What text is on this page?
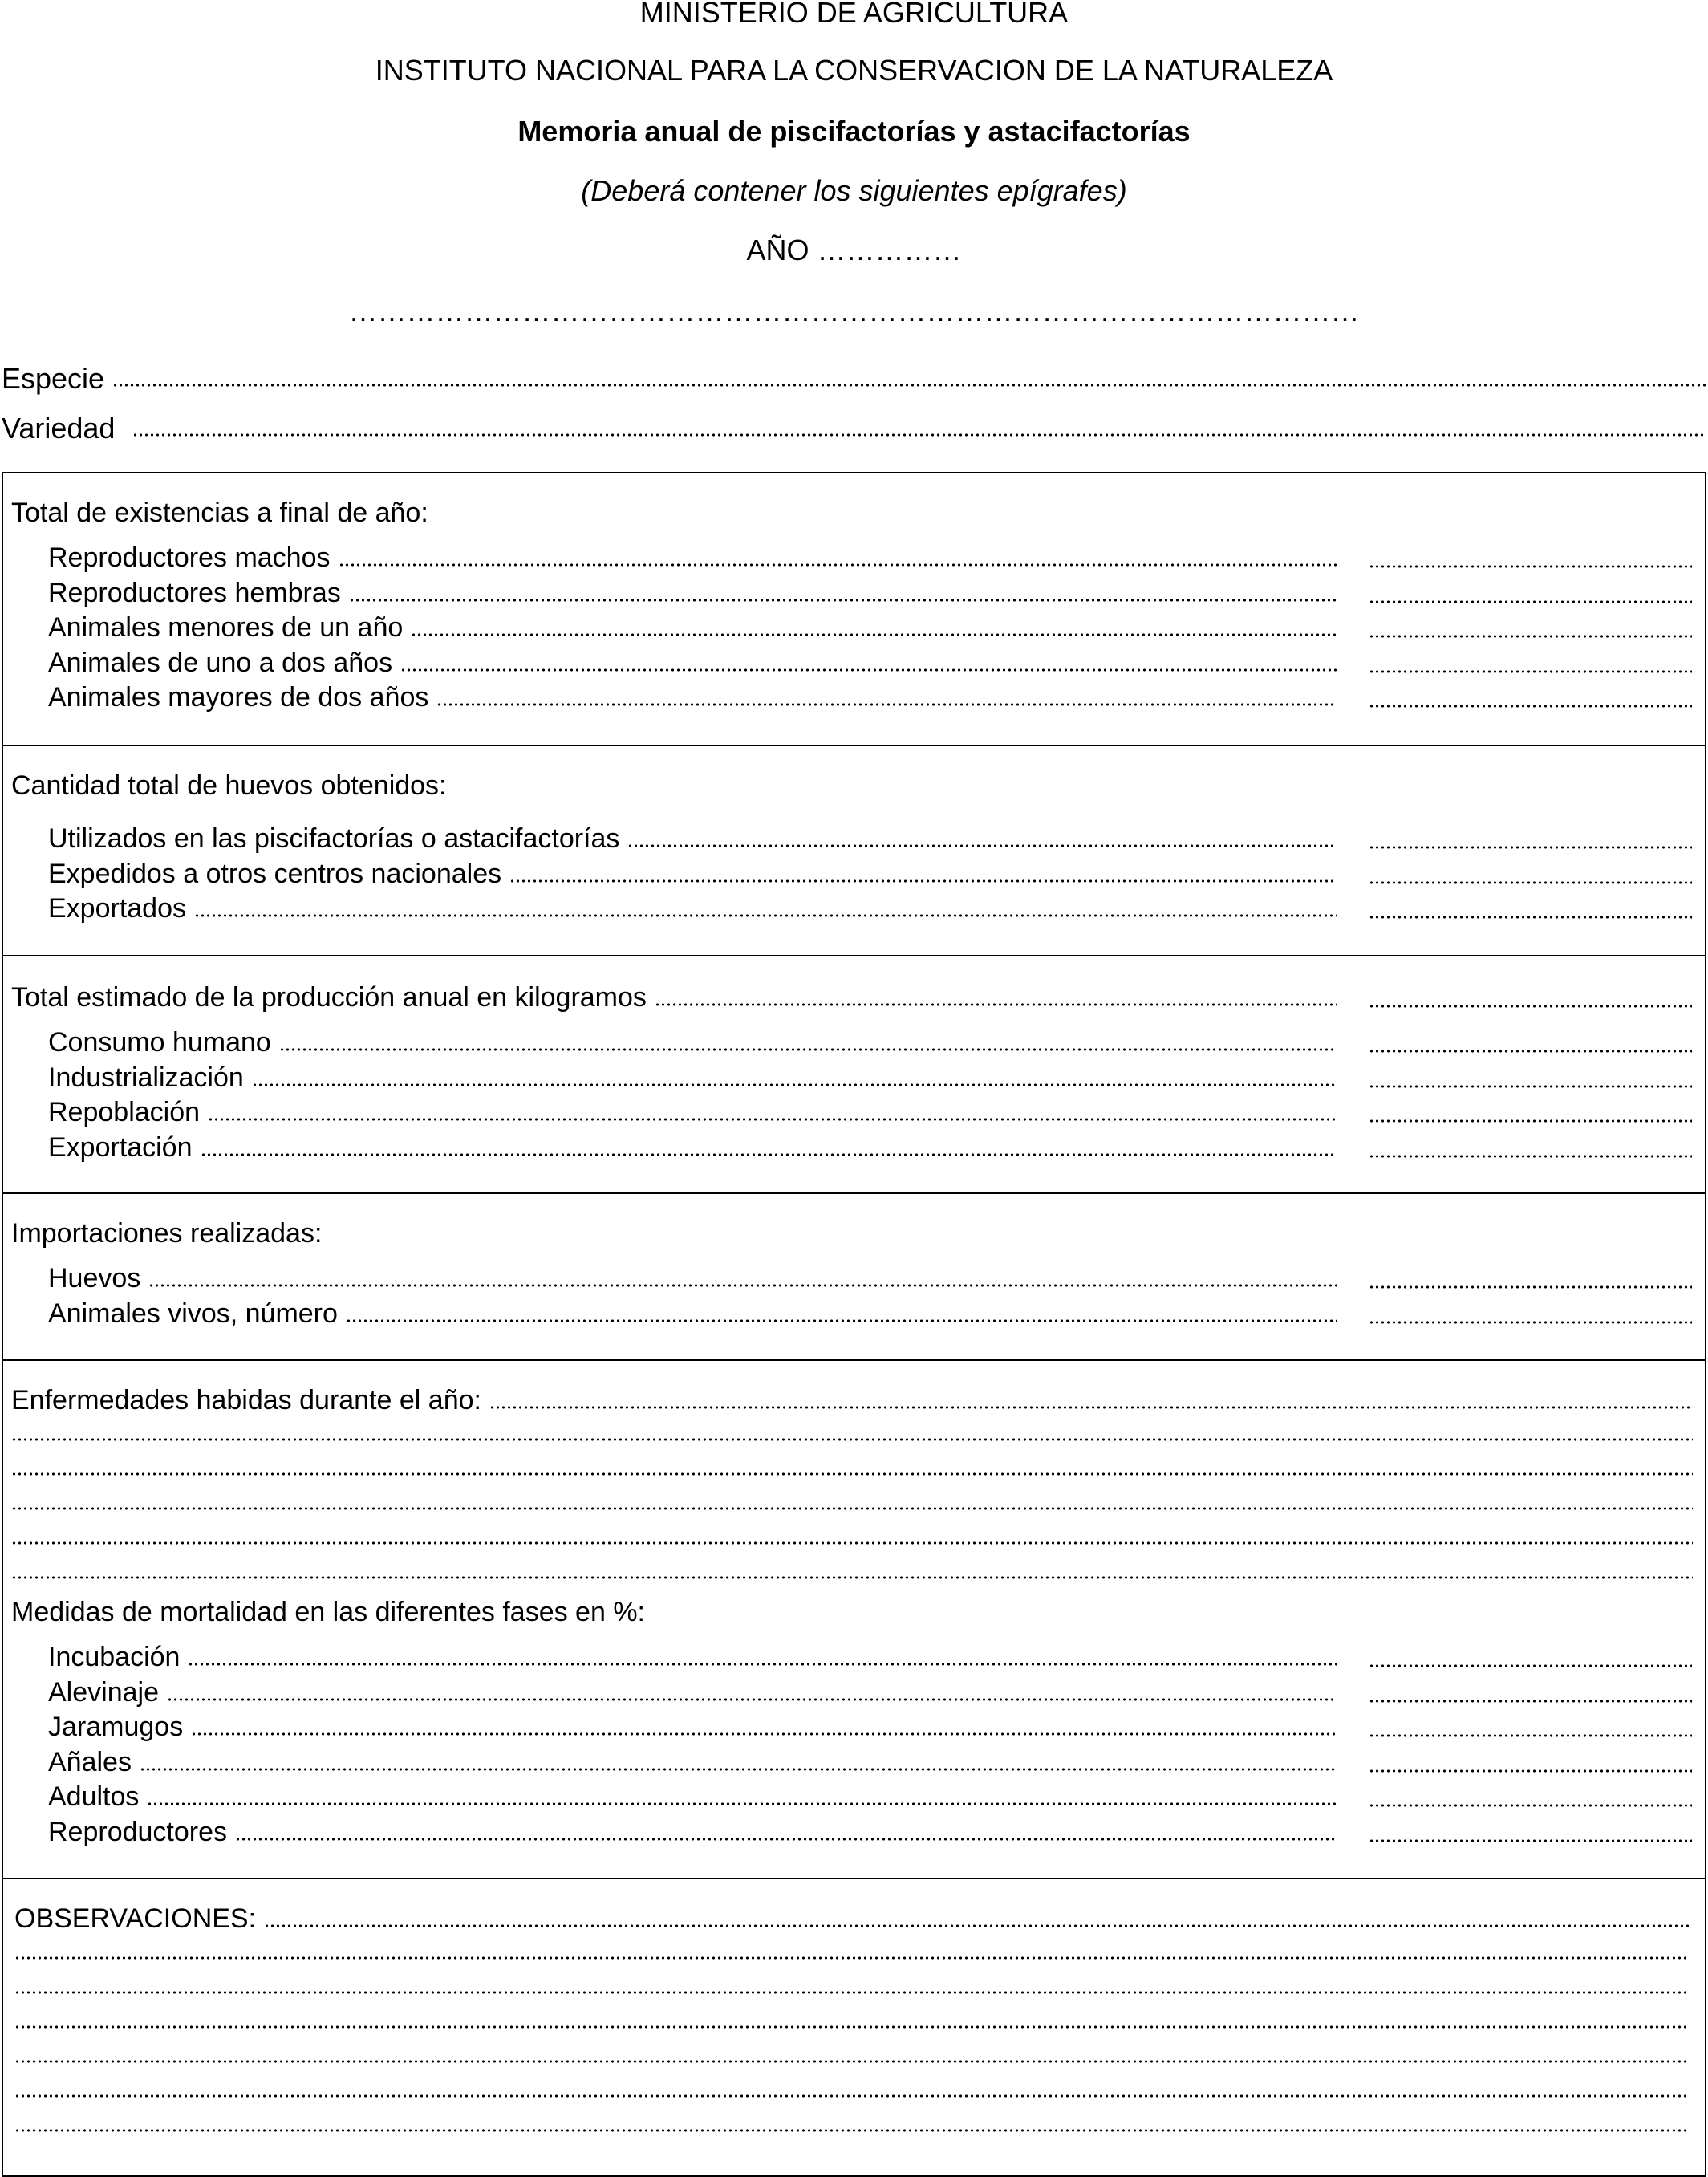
MINISTERIO DE AGRICULTURA
INSTITUTO NACIONAL PARA LA CONSERVACION DE LA NATURALEZA
Memoria anual de piscifactorías y astacifactorías
(Deberá contener los siguientes epígrafes)
AÑO ……………
……………………………………………………………………………………………
Especie
Variedad
Total de existencias a final de año:
Cantidad total de huevos obtenidos:
Total estimado de la producción anual en kilogramos
Importaciones realizadas:
Enfermedades habidas durante el año:
Medidas de mortalidad en las diferentes fases en %:
OBSERVACIONES:
Reproductores machos
Reproductores hembras
Animales menores de un año
Animales de uno a dos años
Animales mayores de dos años
Utilizados en las piscifactorías o astacifactorías
Expedidos a otros centros nacionales
Exportados
Consumo humano
Industrialización
Repoblación
Exportación
Huevos
Animales vivos, número
Incubación
Alevinaje
Jaramugos
Añales
Adultos
Reproductores
